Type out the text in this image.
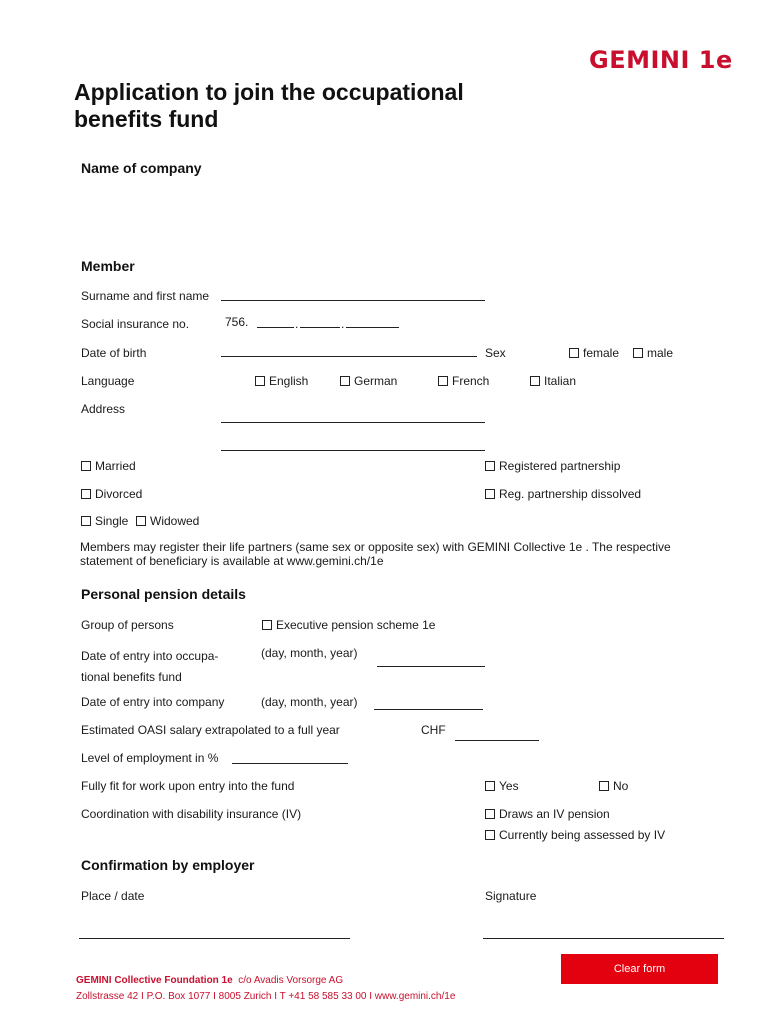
GEMINI 1e
Application to join the occupational
benefits fund
Name of company
Member
Surname and first name
Social insurance no.	756.	.	.
Date of birth	Sex	female	male
Language	English	German	French	Italian
Address
Married	Registered partnership
Divorced	Reg. partnership dissolved
Single	Widowed
Members may register their life partners (same sex or opposite sex) with GEMINI Collective 1e . The respective
statement of beneficiary is available at www.gemini.ch/1e
Personal pension details
Group of persons	Executive pension scheme 1e
Date of entry into occupa-
tional benefits fund
(day, month, year)
Date of entry into company	(day, month, year)
Estimated OASI salary extrapolated to a full year	CHF
Level of employment in %
Fully fit for work upon entry into the fund	Yes	No
Coordination with disability insurance (IV)	Draws an IV pension
Currently being assessed by IV
Confirmation by employer
Place / date	Signature
Clear form
GEMINI Collective Foundation 1e c/o Avadis Vorsorge AG
Zollstrasse 42 I P.O. Box 1077 I 8005 Zurich I T +41 58 585 33 00 I www.gemini.ch/1e
